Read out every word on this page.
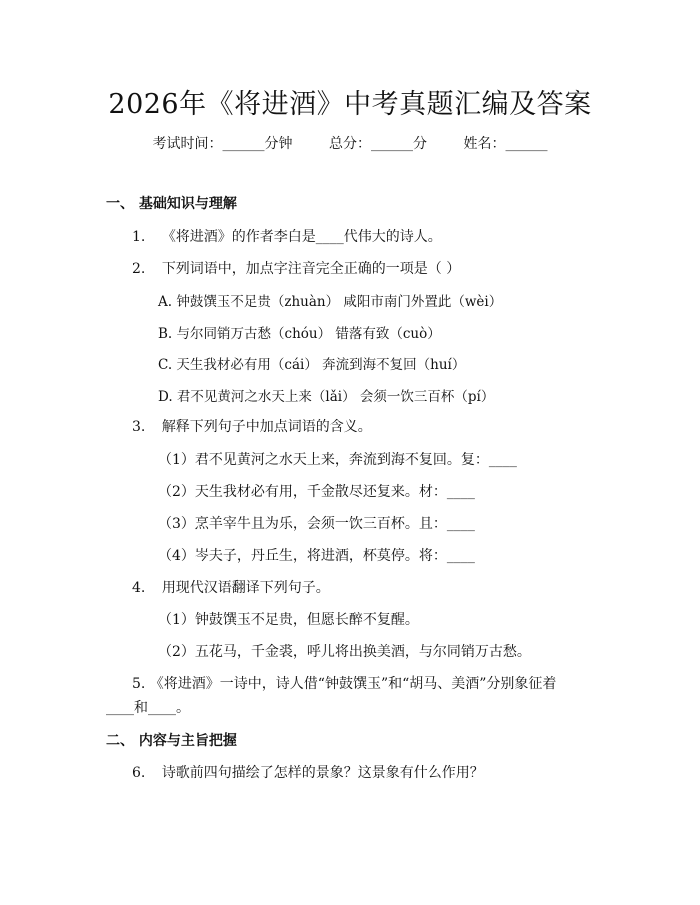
2026年《将进酒》中考真题汇编及答案
考试时间：______分钟	总分：______分	姓名：______
一、 基础知识与理解
1. 《将进酒》的作者李白是____代伟大的诗人。
2. 下列词语中，加点字注音完全正确的一项是（ ）
A. 钟鼓馔玉不足贵（zhuàn） 咸阳市南门外置此（wèi）
B. 与尔同销万古愁（chóu） 错落有致（cuò）
C. 天生我材必有用（cái） 奔流到海不复回（huí）
D. 君不见黄河之水天上来（lǎi） 会须一饮三百杯（pí）
3. 解释下列句子中加点词语的含义。
（1）君不见黄河之水天上来，奔流到海不复回。复：____
（2）天生我材必有用，千金散尽还复来。材：____
（3）烹羊宰牛且为乐，会须一饮三百杯。且：____
（4）岑夫子，丹丘生，将进酒，杯莫停。将：____
4. 用现代汉语翻译下列句子。
（1）钟鼓馔玉不足贵，但愿长醉不复醒。
（2）五花马，千金裘，呼儿将出换美酒，与尔同销万古愁。
5. 《将进酒》一诗中，诗人借“钟鼓馔玉”和“胡马、美酒”分别象征着
____和____。
二、 内容与主旨把握
6. 诗歌前四句描绘了怎样的景象？这景象有什么作用？
